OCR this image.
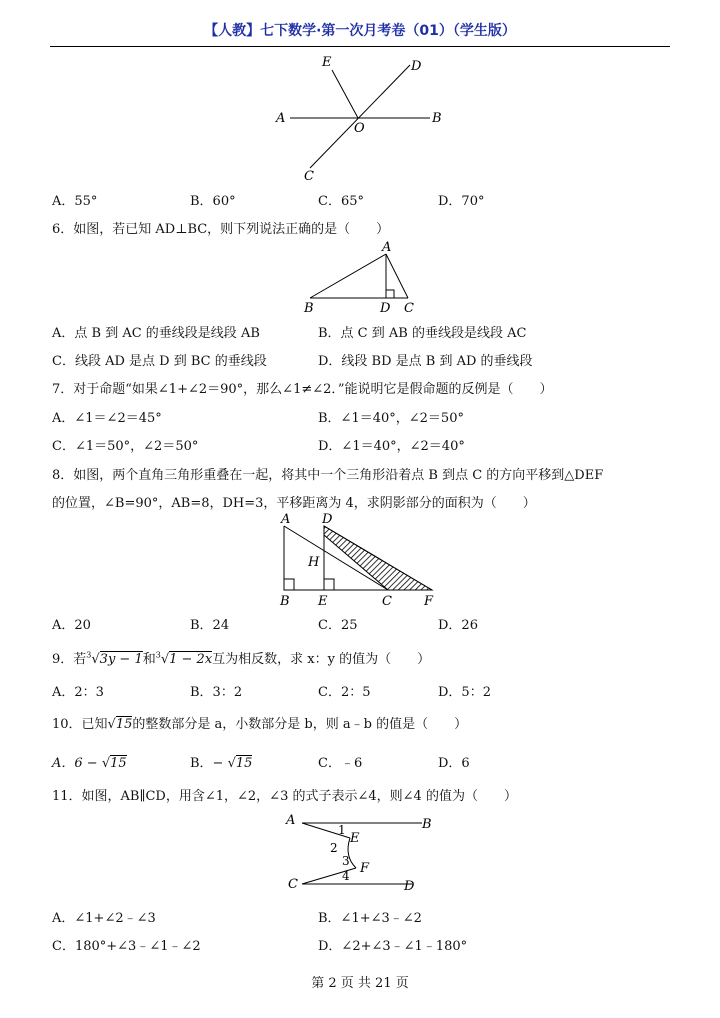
【人教】七下数学·第一次月考卷（01）（学生版）
E	D
A
O
B
C
A．55°	B．60°	C．65°	D．70°
6．如图，若已知 AD⊥BC，则下列说法正确的是（　　）
A
B	D C
A．点 B 到 AC 的垂线段是线段 AB	B．点 C 到 AB 的垂线段是线段 AC
C．线段 AD 是点 D 到 BC 的垂线段	D．线段 BD 是点 B 到 AD 的垂线段
7．对于命题“如果∠1+∠2＝90°，那么∠1≠∠2．”能说明它是假命题的反例是（　　）
A．∠1＝∠2＝45°	B．∠1＝40°，∠2＝50°
C．∠1＝50°，∠2＝50°	D．∠1＝40°，∠2＝40°
8．如图，两个直角三角形重叠在一起，将其中一个三角形沿着点 B 到点 C 的方向平移到△DEF
的位置，∠B=90°，AB=8，DH=3，平移距离为 4，求阴影部分的面积为（　　）
A D
H
B E	C F
A．20	B．24	C．25	D．26
9．若$^3$√3y − 1和$^3$√1 − 2x互为相反数，求 x：y 的值为（　　）
A．2：3	B．3：2	C．2：5	D．5：2
10．已知√15的整数部分是 a，小数部分是 b，则 a﹣b 的值是（　　）
A．6 − √15	B．− √15	C．﹣6	D．6
11．如图，AB∥CD，用含∠1，∠2，∠3 的式子表示∠4，则∠4 的值为（　　）
A	B
E
F
C	D
1
2
3
4
A．∠1+∠2﹣∠3	B．∠1+∠3﹣∠2
C．180°+∠3﹣∠1﹣∠2	D．∠2+∠3﹣∠1﹣180°
第 2 页 共 21 页
